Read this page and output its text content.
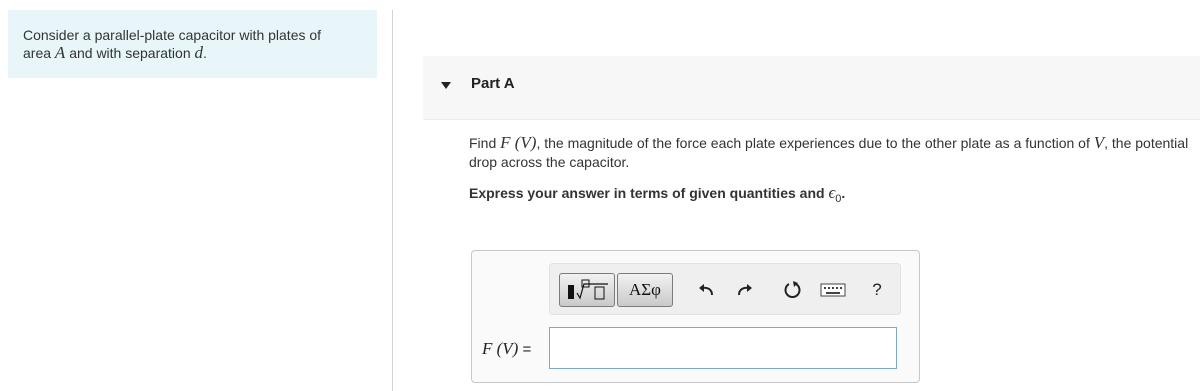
Consider a parallel-plate capacitor with plates of
area A and with separation d.
Part A
Find F (V), the magnitude of the force each plate experiences due to the other plate as a function of V, the potential drop across the capacitor.
Express your answer in terms of given quantities and $\epsilon_0$.
ΑΣφ	?
F (V) =
